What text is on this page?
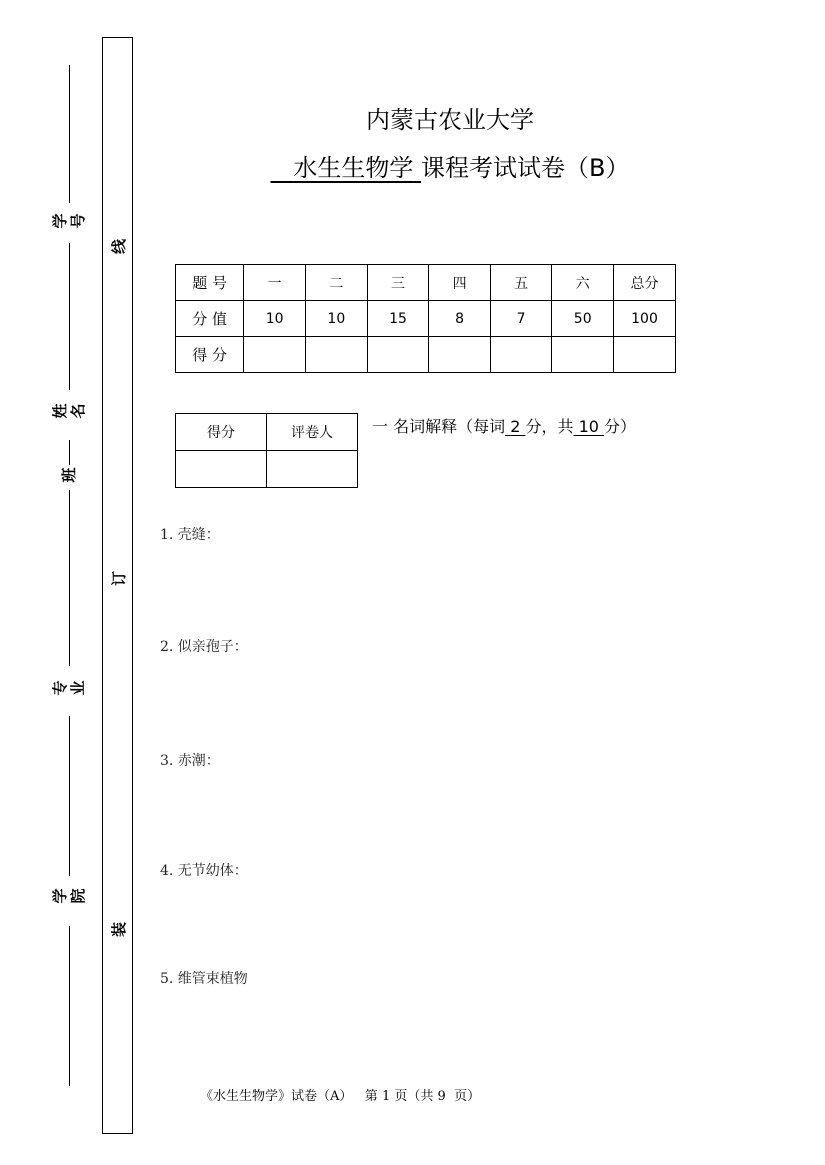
学号
姓名
班
专业
学院
线
订
装
内蒙古农业大学
水生生物学 课程考试试卷（B）
题 号	一	二	三	四	五	六	总分
分 值	10	10	15	8	7	50	100
得 分							
得分	评卷人
	一 名词解释（每词 2 分，共 10 分）
1. 壳缝：
2. 似亲孢子：
3. 赤潮：
4. 无节幼体：
5. 维管束植物
《水生生物学》试卷（A） 第 1 页（共 9 页）
